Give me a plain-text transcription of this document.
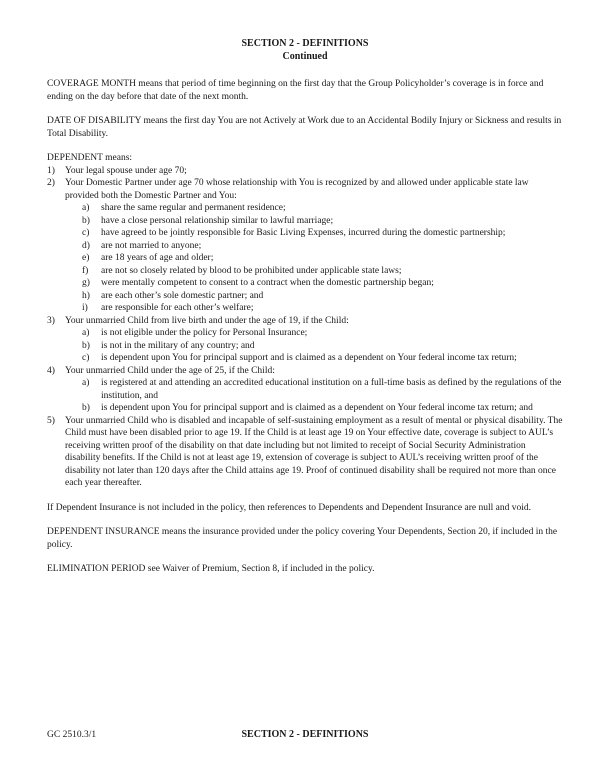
SECTION 2 - DEFINITIONS
Continued
COVERAGE MONTH means that period of time beginning on the first day that the Group Policyholder’s coverage is in force and ending on the day before that date of the next month.
DATE OF DISABILITY means the first day You are not Actively at Work due to an Accidental Bodily Injury or Sickness and results in Total Disability.
DEPENDENT means:
1) Your legal spouse under age 70;
2) Your Domestic Partner under age 70 whose relationship with You is recognized by and allowed under applicable state law provided both the Domestic Partner and You:
a) share the same regular and permanent residence;
b) have a close personal relationship similar to lawful marriage;
c) have agreed to be jointly responsible for Basic Living Expenses, incurred during the domestic partnership;
d) are not married to anyone;
e) are 18 years of age and older;
f) are not so closely related by blood to be prohibited under applicable state laws;
g) were mentally competent to consent to a contract when the domestic partnership began;
h) are each other’s sole domestic partner; and
i) are responsible for each other’s welfare;
3) Your unmarried Child from live birth and under the age of 19, if the Child:
a) is not eligible under the policy for Personal Insurance;
b) is not in the military of any country; and
c) is dependent upon You for principal support and is claimed as a dependent on Your federal income tax return;
4) Your unmarried Child under the age of 25, if the Child:
a) is registered at and attending an accredited educational institution on a full-time basis as defined by the regulations of the institution, and
b) is dependent upon You for principal support and is claimed as a dependent on Your federal income tax return; and
5) Your unmarried Child who is disabled and incapable of self-sustaining employment as a result of mental or physical disability. The Child must have been disabled prior to age 19. If the Child is at least age 19 on Your effective date, coverage is subject to AUL’s receiving written proof of the disability on that date including but not limited to receipt of Social Security Administration disability benefits. If the Child is not at least age 19, extension of coverage is subject to AUL’s receiving written proof of the disability not later than 120 days after the Child attains age 19. Proof of continued disability shall be required not more than once each year thereafter.
If Dependent Insurance is not included in the policy, then references to Dependents and Dependent Insurance are null and void.
DEPENDENT INSURANCE means the insurance provided under the policy covering Your Dependents, Section 20, if included in the policy.
ELIMINATION PERIOD see Waiver of Premium, Section 8, if included in the policy.
GC 2510.3/1	SECTION 2 - DEFINITIONS
